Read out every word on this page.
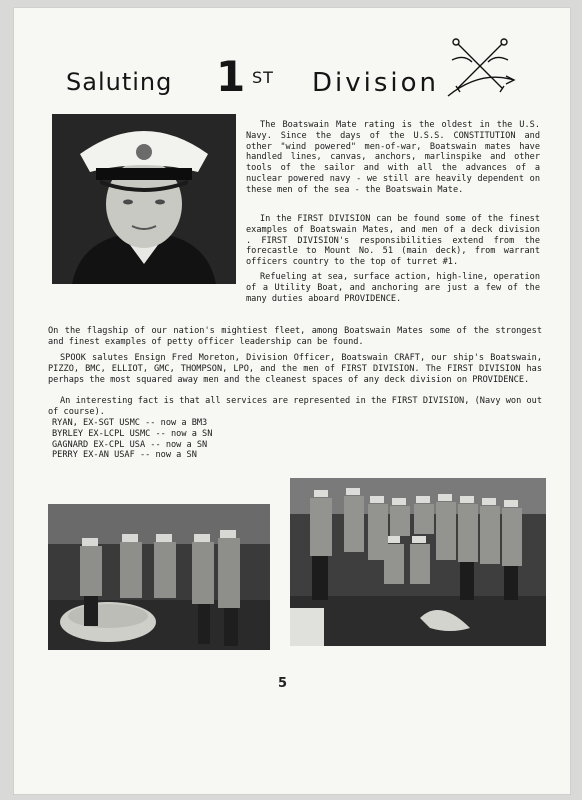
Saluting 1 ST Division

The Boatswain Mate rating is the oldest in the U.S. Navy. Since the days of the U.S.S. CONSTITUTION and other "wind powered" men-of-war, Boatswain mates have handled lines, canvas, anchors, marlinspike and other tools of the sailor and with all the advances of a nuclear powered navy - we still are heavily dependent on these men of the sea - the Boatswain Mate.

In the FIRST DIVISION can be found some of the finest examples of Boatswain Mates, and men of a deck division . FIRST DIVISION's responsibilities extend from the forecastle to Mount No. 51 (main deck), from warrant officers country to the top of turret #1.

Refueling at sea, surface action, high-line, operation of a Utility Boat, and anchoring are just a few of the many duties aboard PROVIDENCE.

On the flagship of our nation's mightiest fleet, among Boatswain Mates some of the strongest and finest examples of petty officer leadership can be found.

SPOOK salutes Ensign Fred Moreton, Division Officer, Boatswain CRAFT, our ship's Boatswain, PIZZO, BMC, ELLIOT, GMC, THOMPSON, LPO, and the men of FIRST DIVISION. The FIRST DIVISION has perhaps the most squared away men and the cleanest spaces of any deck division on PROVIDENCE.

An interesting fact is that all services are represented in the FIRST DIVISION, (Navy won out of course).

RYAN, EX-SGT USMC -- now a BM3
BYRLEY EX-LCPL USMC -- now a SN
GAGNARD EX-CPL USA -- now a SN
PERRY EX-AN USAF -- now a SN
5
